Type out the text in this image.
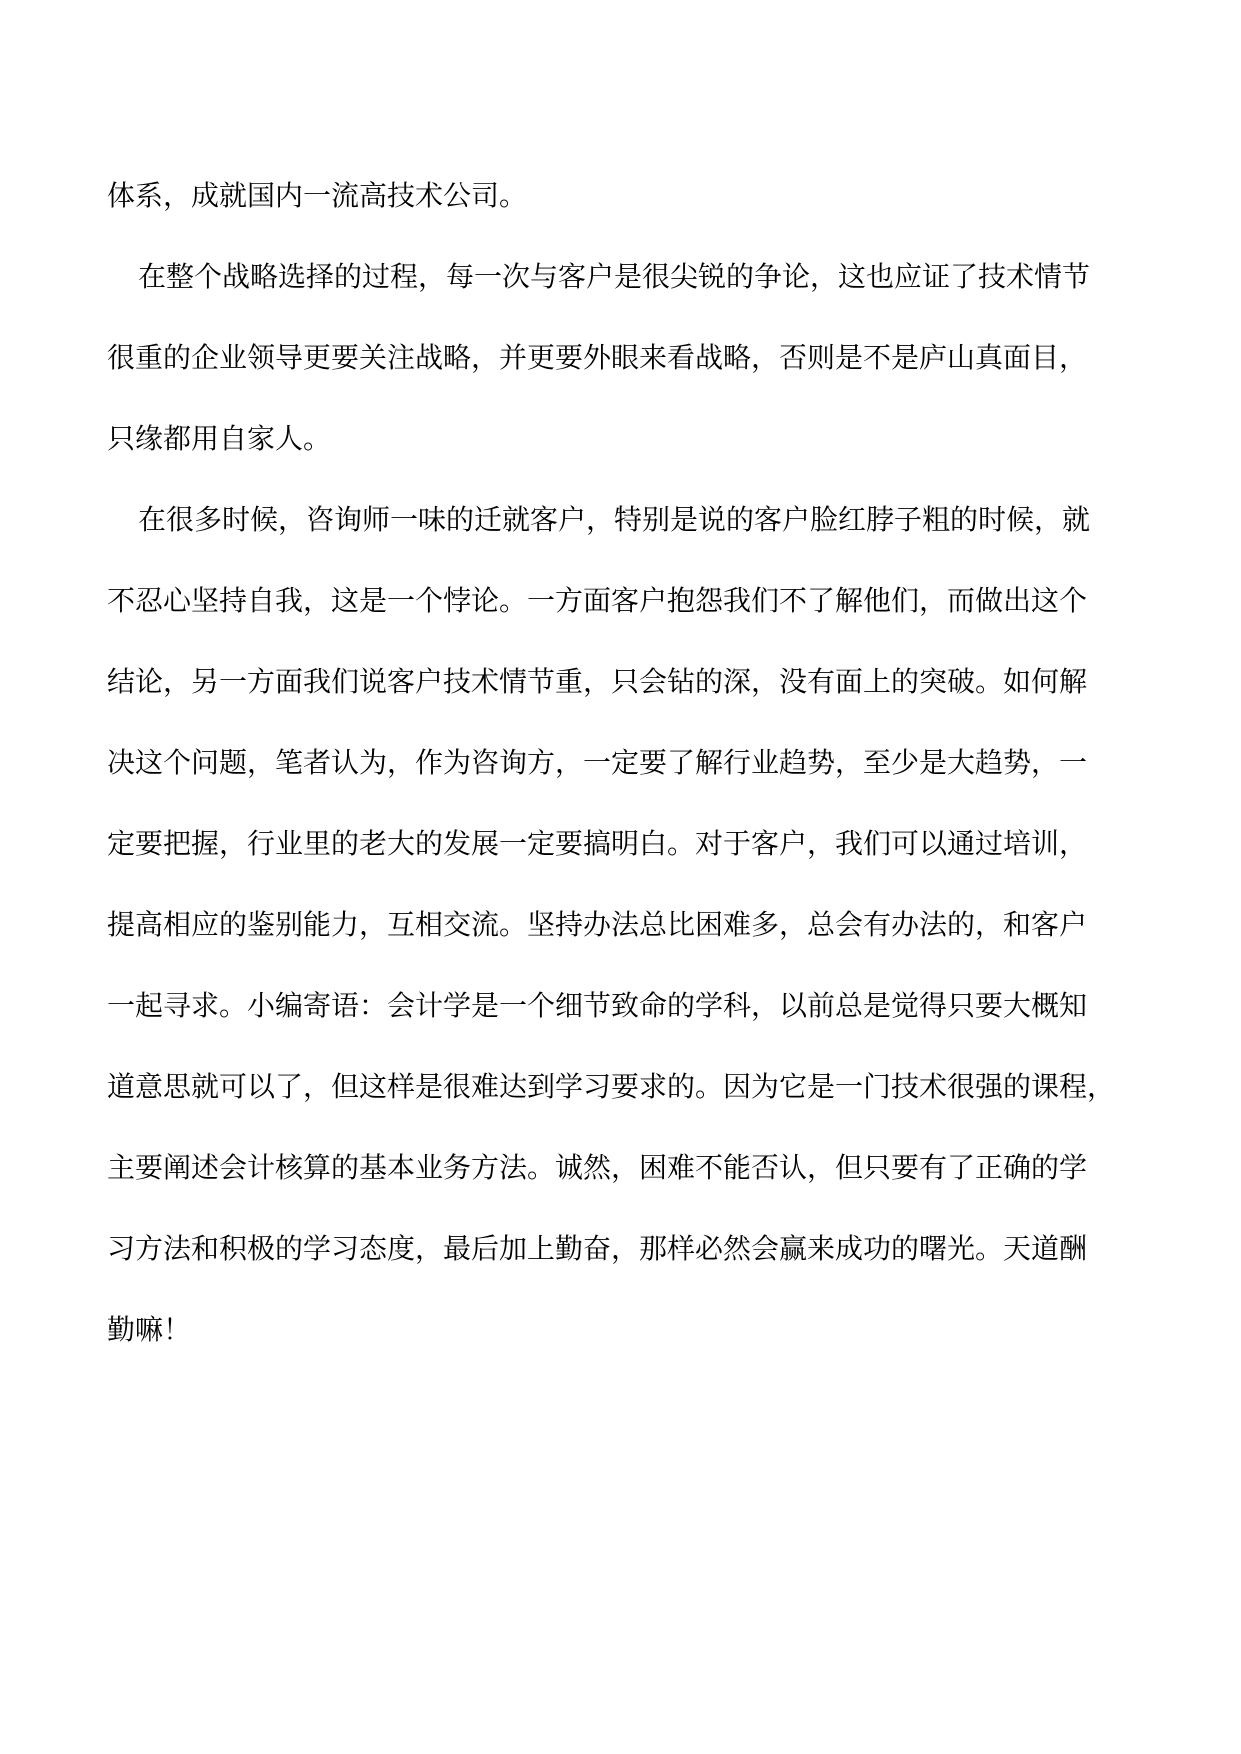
体系，成就国内一流高技术公司。
在整个战略选择的过程，每一次与客户是很尖锐的争论，这也应证了技术情节
很重的企业领导更要关注战略，并更要外眼来看战略，否则是不是庐山真面目，
只缘都用自家人。
在很多时候，咨询师一味的迁就客户，特别是说的客户脸红脖子粗的时候，就
不忍心坚持自我，这是一个悖论。一方面客户抱怨我们不了解他们，而做出这个
结论，另一方面我们说客户技术情节重，只会钻的深，没有面上的突破。如何解
决这个问题，笔者认为，作为咨询方，一定要了解行业趋势，至少是大趋势，一
定要把握，行业里的老大的发展一定要搞明白。对于客户，我们可以通过培训，
提高相应的鉴别能力，互相交流。坚持办法总比困难多，总会有办法的，和客户
一起寻求。小编寄语：会计学是一个细节致命的学科，以前总是觉得只要大概知
道意思就可以了，但这样是很难达到学习要求的。因为它是一门技术很强的课程，
主要阐述会计核算的基本业务方法。诚然，困难不能否认，但只要有了正确的学
习方法和积极的学习态度，最后加上勤奋，那样必然会赢来成功的曙光。天道酬
勤嘛！
